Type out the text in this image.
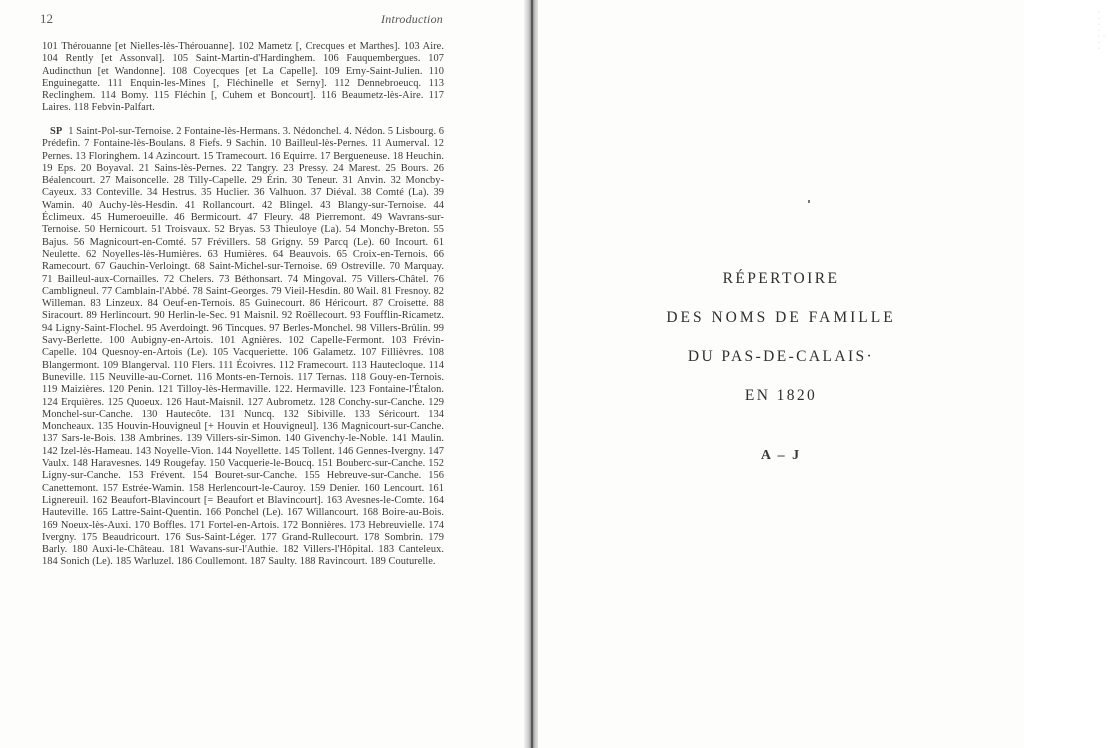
12	Introduction
101 Thérouanne [et Nielles-lès-Thérouanne]. 102 Mametz [, Crecques et Marthes]. 103 Aire. 104 Rently [et Assonval]. 105 Saint-Martin-d'Hardinghem. 106 Fauquembergues. 107 Audincthun [et Wandonne]. 108 Coyecques [et La Capelle]. 109 Erny-Saint-Julien. 110 Enguinegatte. 111 Enquin-les-Mines [, Fléchinelle et Serny]. 112 Dennebroeucq. 113 Reclinghem. 114 Bomy. 115 Fléchin [, Cuhem et Boncourt]. 116 Beaumetz-lès-Aire. 117 Laires. 118 Febvin-Palfart.
SP 1 Saint-Pol-sur-Ternoise. 2 Fontaine-lès-Hermans. 3. Nédonchel. 4. Nédon. 5 Lisbourg. 6 Prédefin. 7 Fontaine-lès-Boulans. 8 Fiefs. 9 Sachin. 10 Bailleul-lès-Pernes. 11 Aumerval. 12 Pernes. 13 Floringhem. 14 Azincourt. 15 Tramecourt. 16 Equirre. 17 Bergueneuse. 18 Heuchin. 19 Eps. 20 Boyaval. 21 Sains-lès-Pernes. 22 Tangry. 23 Pressy. 24 Marest. 25 Bours. 26 Béalencourt. 27 Maisoncelle. 28 Tilly-Capelle. 29 Érin. 30 Teneur. 31 Anvin. 32 Moncby-Cayeux. 33 Conteville. 34 Hestrus. 35 Huclier. 36 Valhuon. 37 Diéval. 38 Comté (La). 39 Wamin. 40 Auchy-lès-Hesdin. 41 Rollancourt. 42 Blingel. 43 Blangy-sur-Ternoise. 44 Éclimeux. 45 Humeroeuille. 46 Bermicourt. 47 Fleury. 48 Pierremont. 49 Wavrans-sur-Ternoise. 50 Hernicourt. 51 Troisvaux. 52 Bryas. 53 Thieuloye (La). 54 Monchy-Breton. 55 Bajus. 56 Magnicourt-en-Comté. 57 Frévillers. 58 Grigny. 59 Parcq (Le). 60 Incourt. 61 Neulette. 62 Noyelles-lès-Humières. 63 Humières. 64 Beauvois. 65 Croix-en-Ternois. 66 Ramecourt. 67 Gauchin-Verloingt. 68 Saint-Michel-sur-Ternoise. 69 Ostreville. 70 Marquay. 71 Bailleul-aux-Cornailles. 72 Chelers. 73 Béthonsart. 74 Mingoval. 75 Villers-Châtel. 76 Cambligneul. 77 Camblain-l'Abbé. 78 Saint-Georges. 79 Vieil-Hesdin. 80 Wail. 81 Fresnoy. 82 Willeman. 83 Linzeux. 84 Oeuf-en-Ternois. 85 Guinecourt. 86 Héricourt. 87 Croisette. 88 Siracourt. 89 Herlincourt. 90 Herlin-le-Sec. 91 Maisnil. 92 Roëllecourt. 93 Foufflin-Ricametz. 94 Ligny-Saint-Flochel. 95 Averdoingt. 96 Tincques. 97 Berles-Monchel. 98 Villers-Brûlin. 99 Savy-Berlette. 100 Aubigny-en-Artois. 101 Agnières. 102 Capelle-Fermont. 103 Frévin-Capelle. 104 Quesnoy-en-Artois (Le). 105 Vacqueriette. 106 Galametz. 107 Fillièvres. 108 Blangermont. 109 Blangerval. 110 Flers. 111 Écoivres. 112 Framecourt. 113 Hautecloque. 114 Buneville. 115 Neuville-au-Cornet. 116 Monts-en-Ternois. 117 Ternas. 118 Gouy-en-Ternois. 119 Maizières. 120 Penin. 121 Tilloy-lès-Hermaville. 122. Hermaville. 123 Fontaine-l'Étalon. 124 Erquières. 125 Quoeux. 126 Haut-Maisnil. 127 Aubrometz. 128 Conchy-sur-Canche. 129 Monchel-sur-Canche. 130 Hautecôte. 131 Nuncq. 132 Sibiville. 133 Séricourt. 134 Moncheaux. 135 Houvin-Houvigneul [+ Houvin et Houvigneul]. 136 Magnicourt-sur-Canche. 137 Sars-le-Bois. 138 Ambrines. 139 Villers-sir-Simon. 140 Givenchy-le-Noble. 141 Maulin. 142 Izel-lès-Hameau. 143 Noyelle-Vion. 144 Noyellette. 145 Tollent. 146 Gennes-Ivergny. 147 Vaulx. 148 Haravesnes. 149 Rougefay. 150 Vacquerie-le-Boucq. 151 Bouberс-sur-Canche. 152 Ligny-sur-Canche. 153 Frévent. 154 Bouret-sur-Canche. 155 Hebreuve-sur-Canche. 156 Canettemont. 157 Estrée-Wamin. 158 Herlencourt-le-Cauroy. 159 Denier. 160 Lencourt. 161 Lignereuil. 162 Beaufort-Blavincourt [= Beaufort et Blavincourt]. 163 Avesnes-le-Comte. 164 Hauteville. 165 Lattre-Saint-Quentin. 166 Ponchel (Le). 167 Willancourt. 168 Boire-au-Bois. 169 Noeux-lès-Auxi. 170 Boffles. 171 Fortel-en-Artois. 172 Bonnières. 173 Hebreuvielle. 174 Ivergny. 175 Beaudricourt. 176 Sus-Saint-Léger. 177 Grand-Rullecourt. 178 Sombrin. 179 Barly. 180 Auxi-le-Château. 181 Wavans-sur-l'Authie. 182 Villers-l'Hôpital. 183 Canteleux. 184 Sonich (Le). 185 Warluzel. 186 Coullemont. 187 Saulty. 188 Ravincourt. 189 Couturelle.
· · · · ·· · ·
RÉPERTOIRE
DES NOMS DE FAMILLE
DU PAS-DE-CALAIS·
EN 1820
A – J
